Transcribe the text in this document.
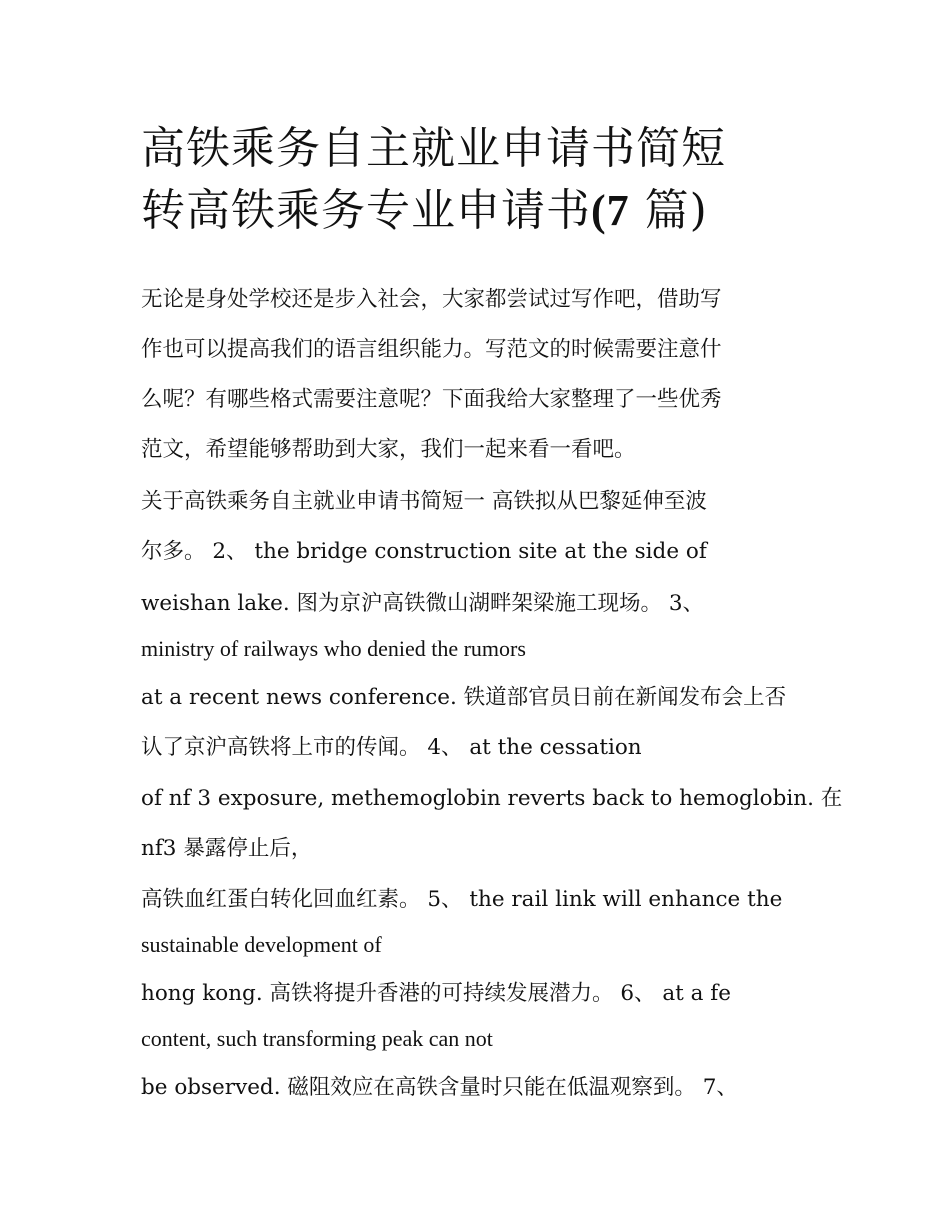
高铁乘务自主就业申请书简短
转高铁乘务专业申请书(7 篇)

无论是身处学校还是步入社会，大家都尝试过写作吧，借助写

作也可以提高我们的语言组织能力。写范文的时候需要注意什

么呢？有哪些格式需要注意呢？下面我给大家整理了一些优秀

范文，希望能够帮助到大家，我们一起来看一看吧。

关于高铁乘务自主就业申请书简短一 高铁拟从巴黎延伸至波

尔多。 2、 the bridge construction site at the side of

weishan lake. 图为京沪高铁微山湖畔架梁施工现场。 3、

ministry of railways who denied the rumors

at a recent news conference. 铁道部官员日前在新闻发布会上否

认了京沪高铁将上市的传闻。 4、 at the cessation

of nf 3 exposure, methemoglobin reverts back to hemoglobin. 在

nf3 暴露停止后，

高铁血红蛋白转化回血红素。 5、 the rail link will enhance the

sustainable development of

hong kong. 高铁将提升香港的可持续发展潜力。 6、 at a fe

content, such transforming peak can not

be observed. 磁阻效应在高铁含量时只能在低温观察到。 7、
